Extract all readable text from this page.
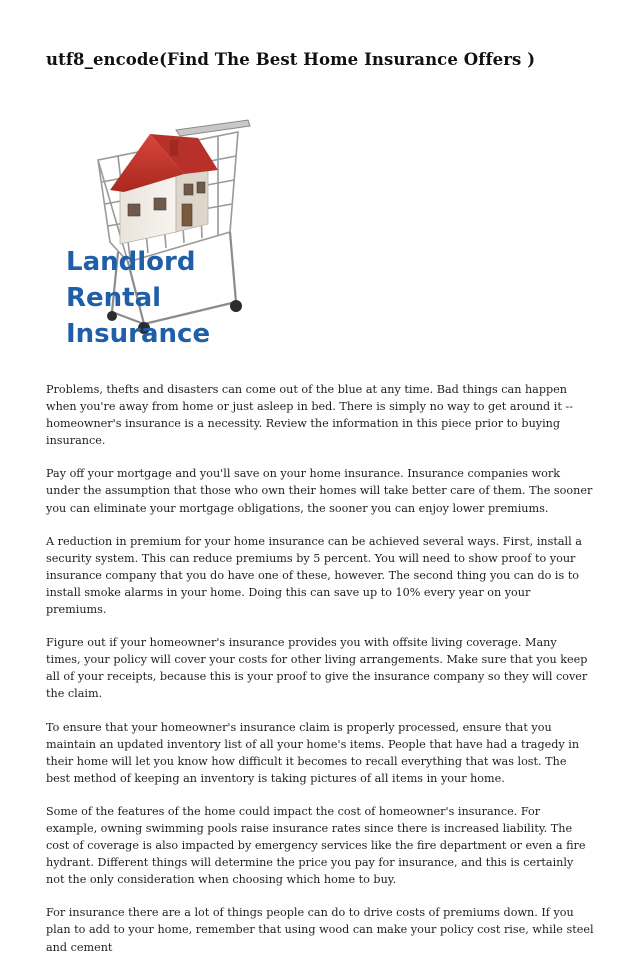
utf8_encode(Find The Best Home Insurance Offers )
Landlord
Rental
Insurance

Problems, thefts and disasters can come out of the blue at any time. Bad things can happen when you're away from home or just asleep in bed. There is simply no way to get around it -- homeowner's insurance is a necessity. Review the information in this piece prior to buying insurance.

Pay off your mortgage and you'll save on your home insurance. Insurance companies work under the assumption that those who own their homes will take better care of them. The sooner you can eliminate your mortgage obligations, the sooner you can enjoy lower premiums.

A reduction in premium for your home insurance can be achieved several ways. First, install a security system. This can reduce premiums by 5 percent. You will need to show proof to your insurance company that you do have one of these, however. The second thing you can do is to install smoke alarms in your home. Doing this can save up to 10% every year on your premiums.

Figure out if your homeowner's insurance provides you with offsite living coverage. Many times, your policy will cover your costs for other living arrangements. Make sure that you keep all of your receipts, because this is your proof to give the insurance company so they will cover the claim.

To ensure that your homeowner's insurance claim is properly processed, ensure that you maintain an updated inventory list of all your home's items. People that have had a tragedy in their home will let you know how difficult it becomes to recall everything that was lost. The best method of keeping an inventory is taking pictures of all items in your home.

Some of the features of the home could impact the cost of homeowner's insurance. For example, owning swimming pools raise insurance rates since there is increased liability. The cost of coverage is also impacted by emergency services like the fire department or even a fire hydrant. Different things will determine the price you pay for insurance, and this is certainly not the only consideration when choosing which home to buy.

For insurance there are a lot of things people can do to drive costs of premiums down. If you plan to add to your home, remember that using wood can make your policy cost rise, while steel and cement
